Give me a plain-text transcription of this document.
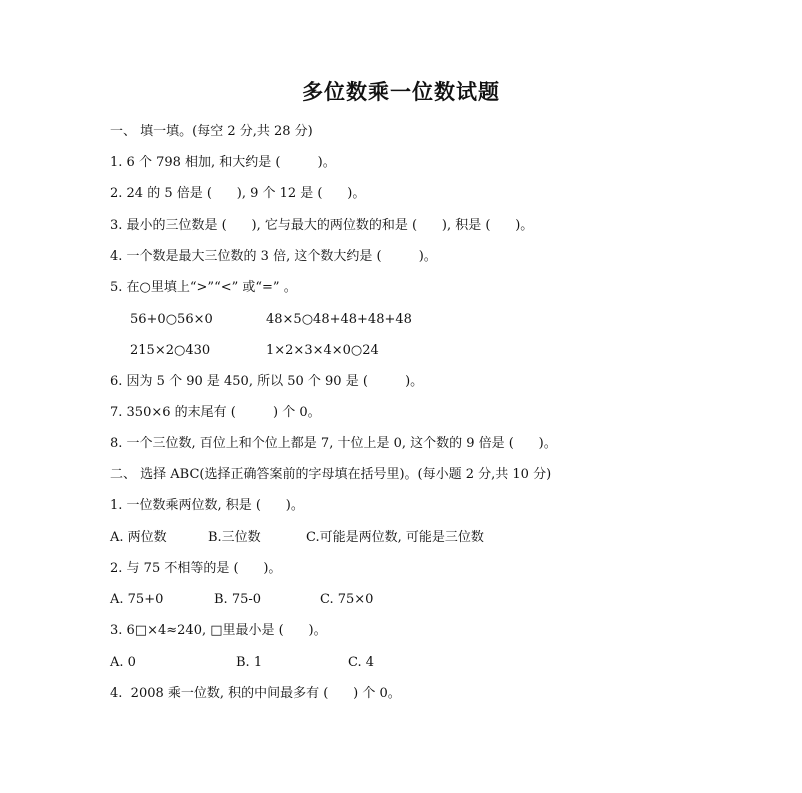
多位数乘一位数试题
一、 填一填。(每空 2 分,共 28 分)
1. 6 个 798 相加, 和大约是 (         )。
2. 24 的 5 倍是 (      ), 9 个 12 是 (      )。
3. 最小的三位数是 (      ), 它与最大的两位数的和是 (      ), 积是 (      )。
4. 一个数是最大三位数的 3 倍, 这个数大约是 (         )。
5. 在○里填上“>”“<” 或“=” 。
56+0○56×0	48×5○48+48+48+48
215×2○430	1×2×3×4×0○24
6. 因为 5 个 90 是 450, 所以 50 个 90 是 (         )。
7. 350×6 的末尾有 (         ) 个 0。
8. 一个三位数, 百位上和个位上都是 7, 十位上是 0, 这个数的 9 倍是 (      )。
二、 选择 ABC(选择正确答案前的字母填在括号里)。(每小题 2 分,共 10 分)
1. 一位数乘两位数, 积是 (      )。
A. 两位数	B.三位数	C.可能是两位数, 可能是三位数
2. 与 75 不相等的是 (      )。
A. 75+0	B. 75-0	C. 75×0
3. 6□×4≈240, □里最小是 (      )。
A. 0	B. 1	C. 4
4.  2008 乘一位数, 积的中间最多有 (      ) 个 0。
